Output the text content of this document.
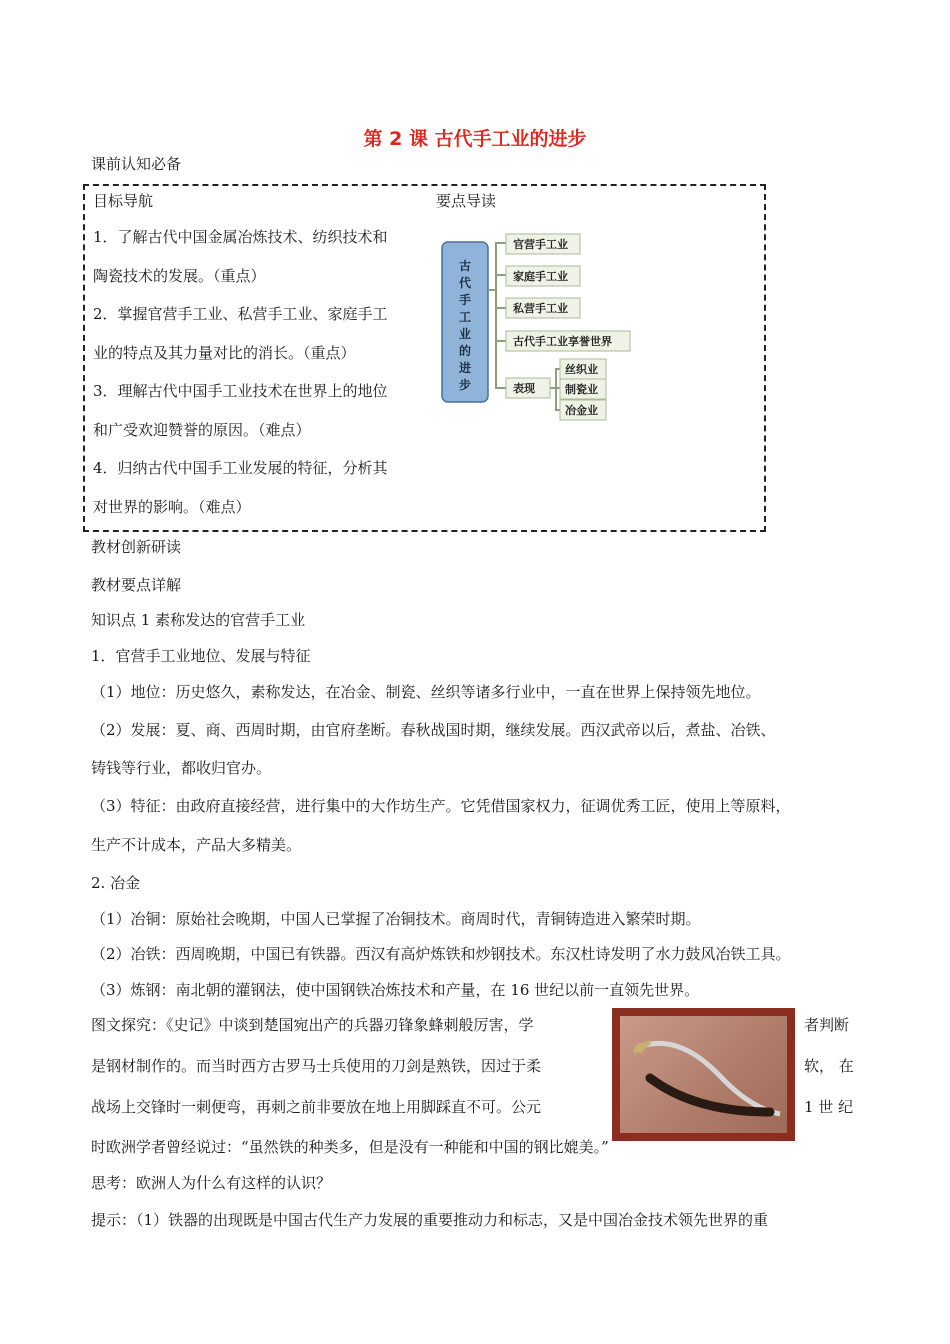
第 2 课 古代手工业的进步
课前认知必备
目标导航	要点导读
1．了解古代中国金属冶炼技术、纺织技术和
陶瓷技术的发展。（重点）
2．掌握官营手工业、私营手工业、家庭手工
业的特点及其力量对比的消长。（重点）
3．理解古代中国手工业技术在世界上的地位
和广受欢迎赞誉的原因。（难点）
4．归纳古代中国手工业发展的特征，分析其
对世界的影响。（难点）
官营手工业
家庭手工业
私营手工业
古代手工业享誉世界
表现
丝织业
制瓷业
冶金业
古代手工业的进步
教材创新研读
教材要点详解
知识点 1 素称发达的官营手工业
1．官营手工业地位、发展与特征
（1）地位：历史悠久，素称发达，在冶金、制瓷、丝织等诸多行业中，一直在世界上保持领先地位。
（2）发展：夏、商、西周时期，由官府垄断。春秋战国时期，继续发展。西汉武帝以后，煮盐、冶铁、
铸钱等行业，都收归官办。
（3）特征：由政府直接经营，进行集中的大作坊生产。它凭借国家权力，征调优秀工匠，使用上等原料，
生产不计成本，产品大多精美。
2. 冶金
（1）冶铜：原始社会晚期，中国人已掌握了冶铜技术。商周时代，青铜铸造进入繁荣时期。
（2）冶铁：西周晚期，中国已有铁器。西汉有高炉炼铁和炒钢技术。东汉杜诗发明了水力鼓风冶铁工具。
（3）炼钢：南北朝的灌钢法，使中国钢铁冶炼技术和产量，在 16 世纪以前一直领先世界。
图文探究：《史记》中谈到楚国宛出产的兵器刃锋象蜂刺般厉害，学	者判断
是钢材制作的。而当时西方古罗马士兵使用的刀剑是熟铁，因过于柔	软， 在
战场上交锋时一刺便弯，再刺之前非要放在地上用脚踩直不可。公元	1 世 纪
时欧洲学者曾经说过：“虽然铁的种类多，但是没有一种能和中国的钢比媲美。”
思考：欧洲人为什么有这样的认识？
提示：（1）铁器的出现既是中国古代生产力发展的重要推动力和标志，又是中国冶金技术领先世界的重
